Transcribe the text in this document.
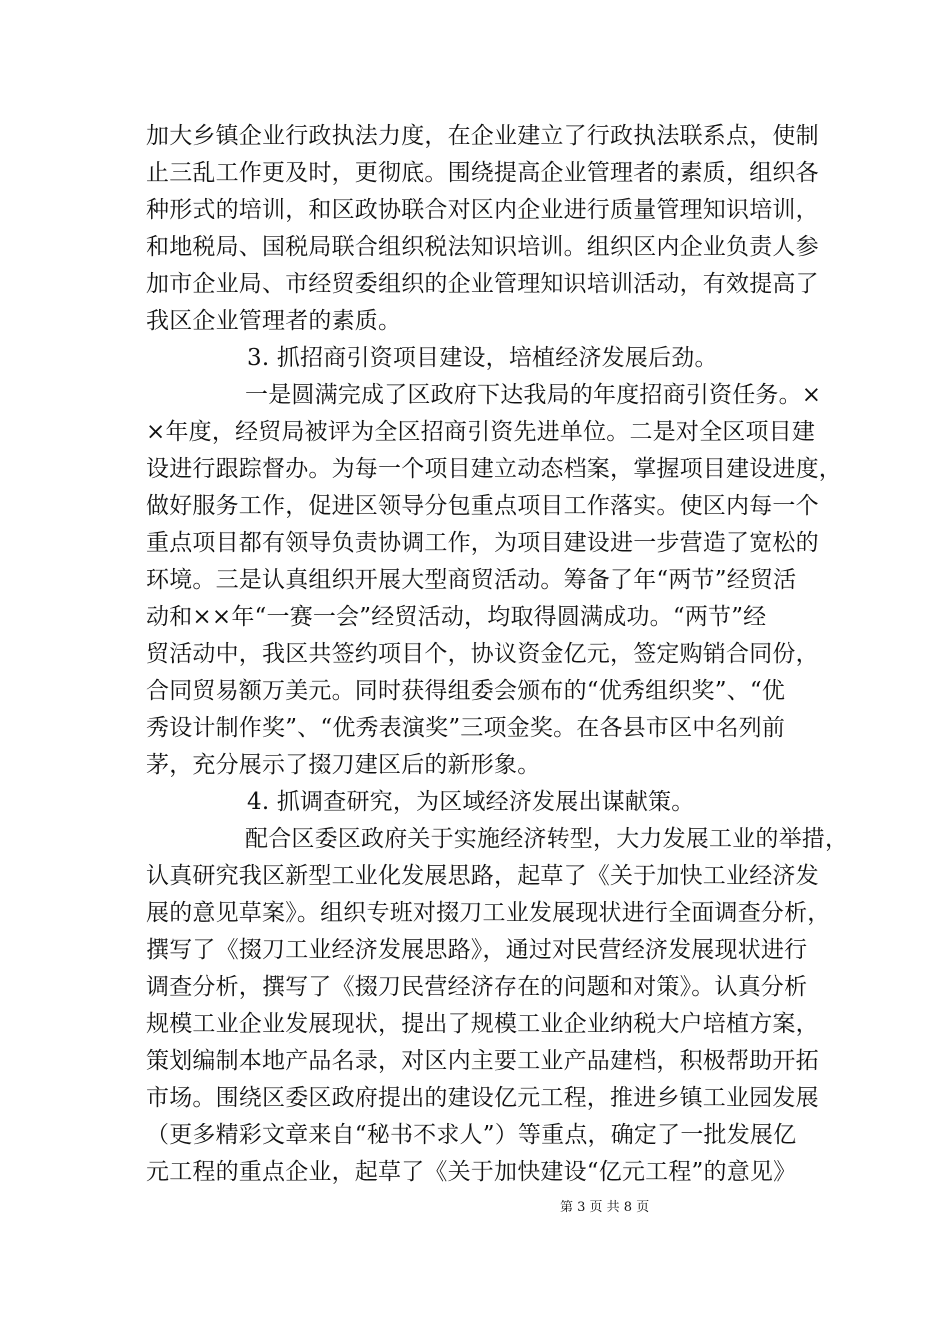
加大乡镇企业行政执法力度，在企业建立了行政执法联系点，使制
止三乱工作更及时，更彻底。围绕提高企业管理者的素质，组织各
种形式的培训，和区政协联合对区内企业进行质量管理知识培训，
和地税局、国税局联合组织税法知识培训。组织区内企业负责人参
加市企业局、市经贸委组织的企业管理知识培训活动，有效提高了
我区企业管理者的素质。
3. 抓招商引资项目建设，培植经济发展后劲。
一是圆满完成了区政府下达我局的年度招商引资任务。×
×年度，经贸局被评为全区招商引资先进单位。二是对全区项目建
设进行跟踪督办。为每一个项目建立动态档案，掌握项目建设进度，
做好服务工作，促进区领导分包重点项目工作落实。使区内每一个
重点项目都有领导负责协调工作，为项目建设进一步营造了宽松的
环境。三是认真组织开展大型商贸活动。筹备了年“两节”经贸活
动和××年“一赛一会”经贸活动，均取得圆满成功。“两节”经
贸活动中，我区共签约项目个，协议资金亿元，签定购销合同份，
合同贸易额万美元。同时获得组委会颁布的“优秀组织奖”、“优
秀设计制作奖”、“优秀表演奖”三项金奖。在各县市区中名列前
茅，充分展示了掇刀建区后的新形象。
4. 抓调查研究，为区域经济发展出谋献策。
配合区委区政府关于实施经济转型，大力发展工业的举措，
认真研究我区新型工业化发展思路，起草了《关于加快工业经济发
展的意见草案》。组织专班对掇刀工业发展现状进行全面调查分析，
撰写了《掇刀工业经济发展思路》，通过对民营经济发展现状进行
调查分析，撰写了《掇刀民营经济存在的问题和对策》。认真分析
规模工业企业发展现状，提出了规模工业企业纳税大户培植方案，
策划编制本地产品名录，对区内主要工业产品建档，积极帮助开拓
市场。围绕区委区政府提出的建设亿元工程，推进乡镇工业园发展
（更多精彩文章来自“秘书不求人”）等重点，确定了一批发展亿
元工程的重点企业，起草了《关于加快建设“亿元工程”的意见》
第 3 页 共 8 页
